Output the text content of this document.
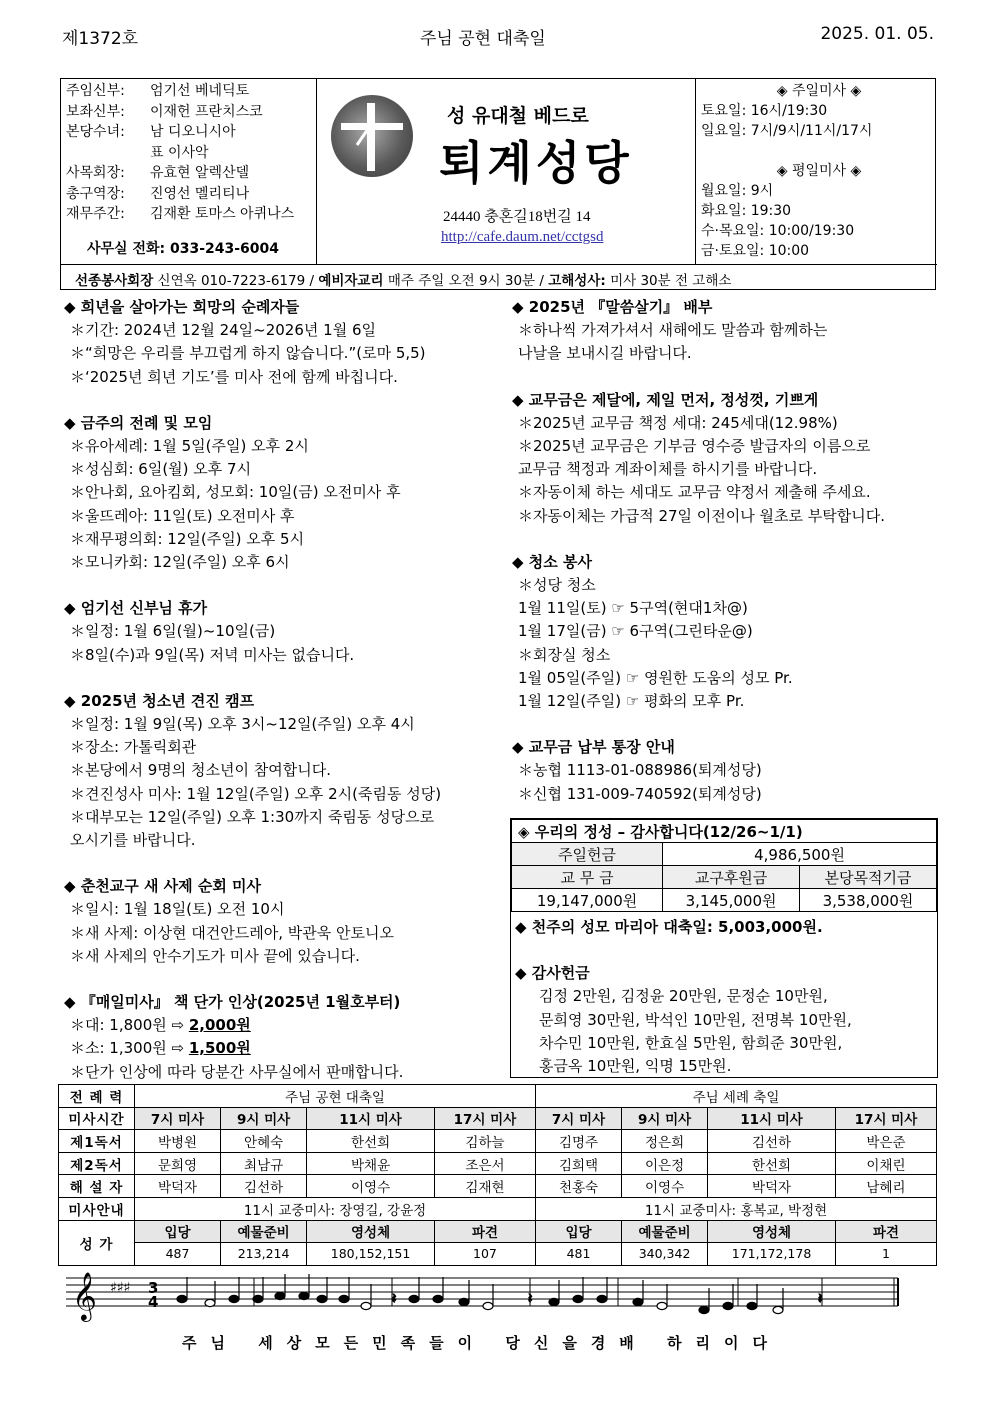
제1372호	주님 공현 대축일	2025. 01. 05.
주임신부:	엄기선 베네딕토
보좌신부:	이재헌 프란치스코
본당수녀:	남 디오니시아
표 이사악
사목회장:	유효현 알렉산델
총구역장:	진영선 멜리티나
재무주간:	김재환 토마스 아퀴나스
사무실 전화: 033-243-6004
성 유대철 베드로
퇴계성당
24440 충혼길18번길 14
http://cafe.daum.net/cctgsd
◈ 주일미사 ◈
토요일: 16시/19:30
일요일: 7시/9시/11시/17시
◈ 평일미사 ◈
월요일: 9시
화요일: 19:30
수·목요일: 10:00/19:30
금·토요일: 10:00
선종봉사회장 신연옥 010-7223-6179 / 예비자교리 매주 주일 오전 9시 30분 / 고해성사: 미사 30분 전 고해소
◆ 희년을 살아가는 희망의 순례자들
＊기간: 2024년 12월 24일~2026년 1월 6일
＊“희망은 우리를 부끄럽게 하지 않습니다.”(로마 5,5)
＊‘2025년 희년 기도’를 미사 전에 함께 바칩니다.
◆ 금주의 전례 및 모임
＊유아세례: 1월 5일(주일) 오후 2시
＊성심회: 6일(월) 오후 7시
＊안나회, 요아킴회, 성모회: 10일(금) 오전미사 후
＊울뜨레아: 11일(토) 오전미사 후
＊재무평의회: 12일(주일) 오후 5시
＊모니카회: 12일(주일) 오후 6시
◆ 엄기선 신부님 휴가
＊일정: 1월 6일(월)~10일(금)
＊8일(수)과 9일(목) 저녁 미사는 없습니다.
◆ 2025년 청소년 견진 캠프
＊일정: 1월 9일(목) 오후 3시~12일(주일) 오후 4시
＊장소: 가톨릭회관
＊본당에서 9명의 청소년이 참여합니다.
＊견진성사 미사: 1월 12일(주일) 오후 2시(죽림동 성당)
＊대부모는 12일(주일) 오후 1:30까지 죽림동 성당으로
오시기를 바랍니다.
◆ 춘천교구 새 사제 순회 미사
＊일시: 1월 18일(토) 오전 10시
＊새 사제: 이상현 대건안드레아, 박관욱 안토니오
＊새 사제의 안수기도가 미사 끝에 있습니다.
◆ 『매일미사』 책 단가 인상(2025년 1월호부터)
＊대: 1,800원 ⇨ 2,000원
＊소: 1,300원 ⇨ 1,500원
＊단가 인상에 따라 당분간 사무실에서 판매합니다.
◆ 2025년 『말씀살기』 배부
＊하나씩 가져가셔서 새해에도 말씀과 함께하는
나날을 보내시길 바랍니다.
◆ 교무금은 제달에, 제일 먼저, 정성껏, 기쁘게
＊2025년 교무금 책정 세대: 245세대(12.98%)
＊2025년 교무금은 기부금 영수증 발급자의 이름으로
교무금 책정과 계좌이체를 하시기를 바랍니다.
＊자동이체 하는 세대도 교무금 약정서 제출해 주세요.
＊자동이체는 가급적 27일 이전이나 월초로 부탁합니다.
◆ 청소 봉사
＊성당 청소
1월 11일(토) ☞ 5구역(현대1차@)
1월 17일(금) ☞ 6구역(그린타운@)
＊회장실 청소
1월 05일(주일) ☞ 영원한 도움의 성모 Pr.
1월 12일(주일) ☞ 평화의 모후 Pr.
◆ 교무금 납부 통장 안내
＊농협 1113-01-088986(퇴계성당)
＊신협 131-009-740592(퇴계성당)
◈ 우리의 정성 – 감사합니다(12/26~1/1)		
주일헌금	4,986,500원	
교 무 금	교구후원금	본당목적기금
19,147,000원	3,145,000원	3,538,000원
◆ 천주의 성모 마리아 대축일: 5,003,000원.
◆ 감사헌금
김정 2만원, 김정윤 20만원, 문정순 10만원,
문희영 30만원, 박석인 10만원, 전명복 10만원,
차수민 10만원, 한효실 5만원, 함희준 30만원,
홍금옥 10만원, 익명 15만원.
전 례 력	주님 공현 대축일				주님 세례 축일			
미사시간	7시 미사	9시 미사	11시 미사	17시 미사	7시 미사	9시 미사	11시 미사	17시 미사
제1독서	박병원	안혜숙	한선희	김하늘	김명주	정은희	김선하	박은준
제2독서	문희영	최남규	박채윤	조은서	김희택	이은정	한선희	이채린
해 설 자	박덕자	김선하	이영수	김재현	천홍숙	이영수	박덕자	남혜리
미사안내	11시 교중미사: 장영길, 강윤정				11시 교중미사: 홍복교, 박정현			
성 가	입당	예물준비	영성체	파견	입당	예물준비	영성체	파견
	487	213,214	180,152,151	107	481	340,342	171,172,178	1
𝄞 ♯♯♯ 3
4	𝄽	𝄽	𝄽
주님 세상모든민족들이 당신을경배 하리이다
